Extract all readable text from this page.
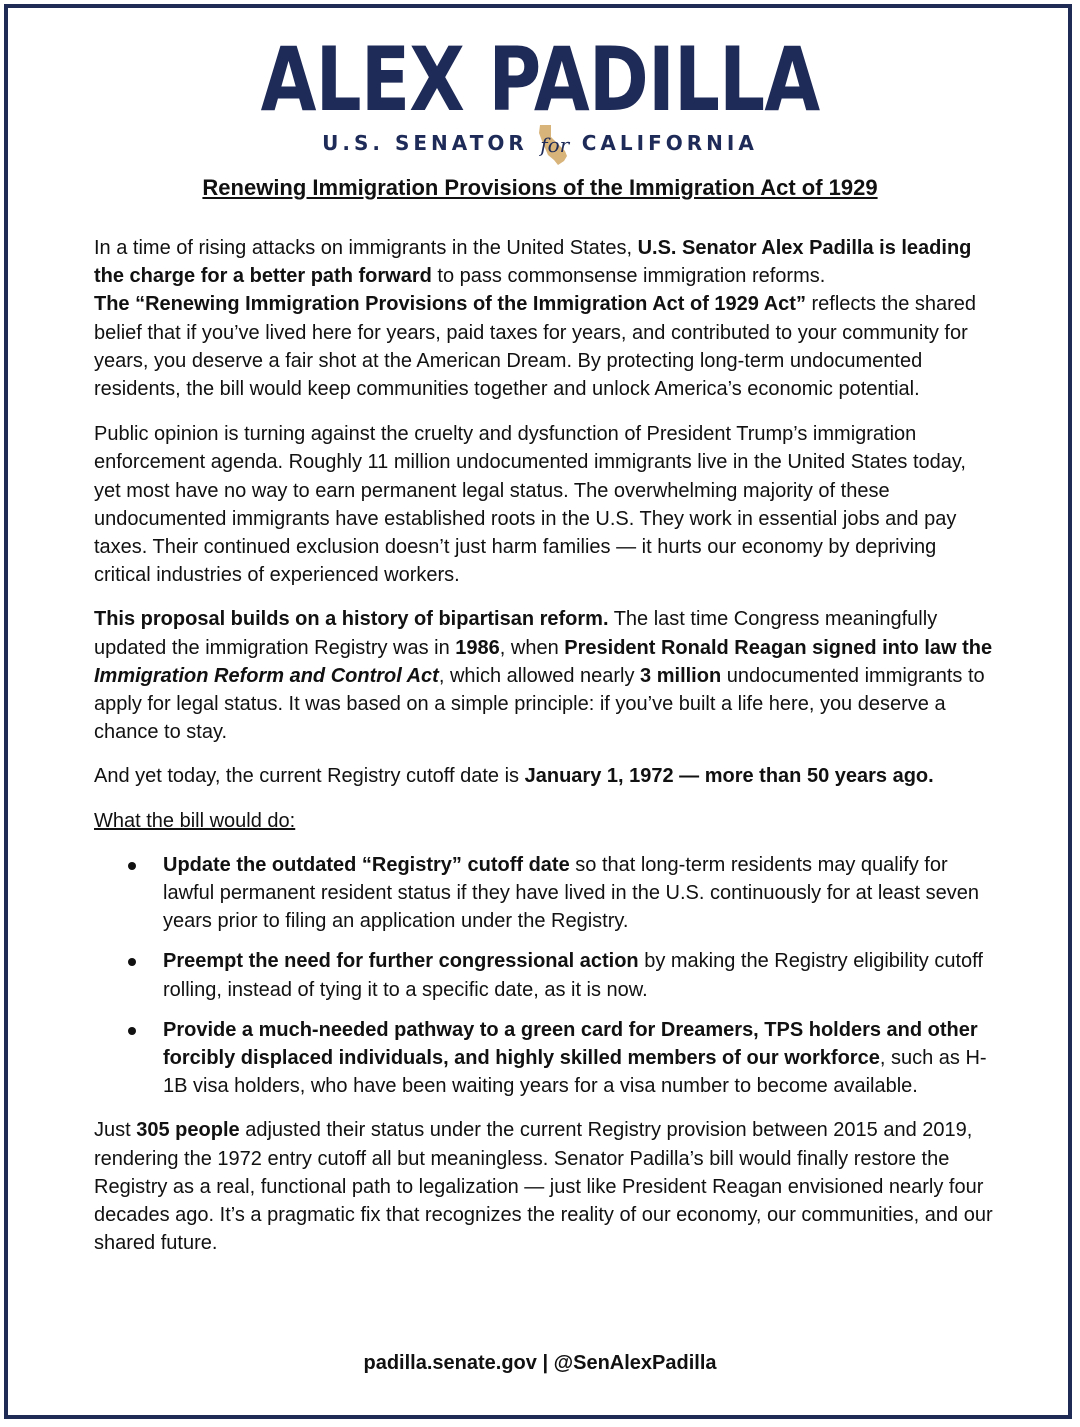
ALEX PADILLA
U.S. SENATOR for CALIFORNIA
Renewing Immigration Provisions of the Immigration Act of 1929

In a time of rising attacks on immigrants in the United States, U.S. Senator Alex Padilla is leading the charge for a better path forward to pass commonsense immigration reforms.
The “Renewing Immigration Provisions of the Immigration Act of 1929 Act” reflects the shared belief that if you’ve lived here for years, paid taxes for years, and contributed to your community for years, you deserve a fair shot at the American Dream. By protecting long-term undocumented residents, the bill would keep communities together and unlock America’s economic potential.

Public opinion is turning against the cruelty and dysfunction of President Trump’s immigration enforcement agenda. Roughly 11 million undocumented immigrants live in the United States today, yet most have no way to earn permanent legal status. The overwhelming majority of these undocumented immigrants have established roots in the U.S. They work in essential jobs and pay taxes. Their continued exclusion doesn’t just harm families — it hurts our economy by depriving critical industries of experienced workers.

This proposal builds on a history of bipartisan reform. The last time Congress meaningfully updated the immigration Registry was in 1986, when President Ronald Reagan signed into law the Immigration Reform and Control Act, which allowed nearly 3 million undocumented immigrants to apply for legal status. It was based on a simple principle: if you’ve built a life here, you deserve a chance to stay.

And yet today, the current Registry cutoff date is January 1, 1972 — more than 50 years ago.

What the bill would do:

Update the outdated “Registry” cutoff date so that long-term residents may qualify for lawful permanent resident status if they have lived in the U.S. continuously for at least seven years prior to filing an application under the Registry.
Preempt the need for further congressional action by making the Registry eligibility cutoff rolling, instead of tying it to a specific date, as it is now.
Provide a much-needed pathway to a green card for Dreamers, TPS holders and other forcibly displaced individuals, and highly skilled members of our workforce, such as H-1B visa holders, who have been waiting years for a visa number to become available.

Just 305 people adjusted their status under the current Registry provision between 2015 and 2019, rendering the 1972 entry cutoff all but meaningless. Senator Padilla’s bill would finally restore the Registry as a real, functional path to legalization — just like President Reagan envisioned nearly four decades ago. It’s a pragmatic fix that recognizes the reality of our economy, our communities, and our shared future.

padilla.senate.gov | @SenAlexPadilla
